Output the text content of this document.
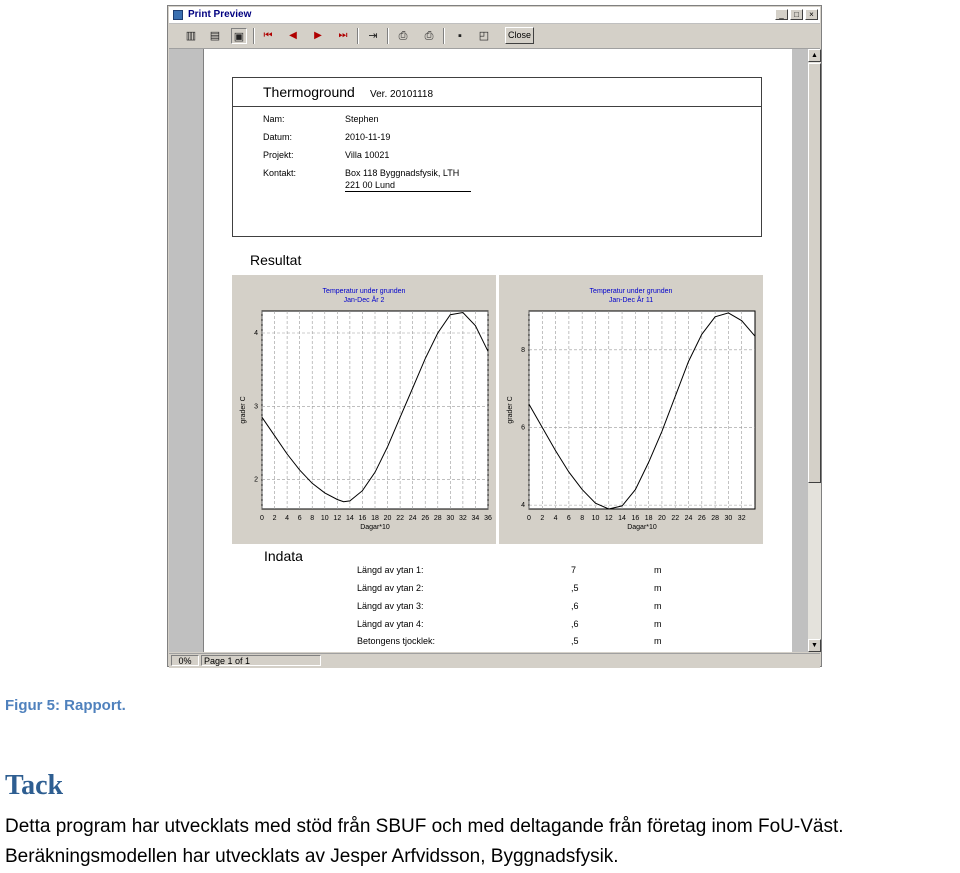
Print Preview	_	□	×
▥ ▤ ▣	⏮	◀	▶	⏭	⇥	⎙	⎙	▪	◰	Close
Thermoground Ver. 20101118
Nam:	Stephen
Datum:	2010-11-19
Projekt:	Villa 10021
Kontakt:	Box 118 Byggnadsfysik, LTH
221 00 Lund
Resultat
Temperatur under grunden
Jan-Dec År 2
0 2 4 6 8 10 12 14 16 18 20 22 24 26 28 30 32 34 36
2
3
4
Dagar*10
grader C
Temperatur under grunden
Jan-Dec År 11
0 2 4 6 8 10 12 14 16 18 20 22 24 26 28 30 32
4
6
8
Dagar*10
grader C
Indata
Längd av ytan 1:	7	m
Längd av ytan 2:	,5	m
Längd av ytan 3:	,6	m
Längd av ytan 4:	,6	m
Betongens tjocklek:	,5	m
▲
▼
0%	Page 1 of 1
Figur 5: Rapport.
Tack
Detta program har utvecklats med stöd från SBUF och med deltagande från företag inom FoU-Väst.
Beräkningsmodellen har utvecklats av Jesper Arfvidsson, Byggnadsfysik.
